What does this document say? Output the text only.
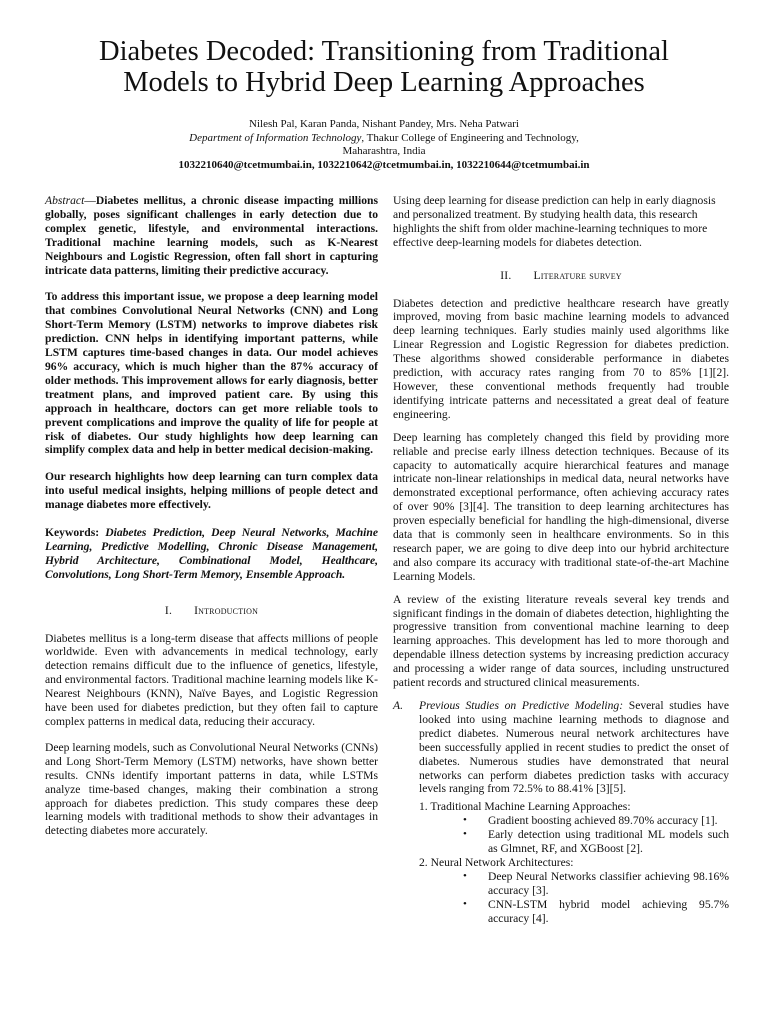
Diabetes Decoded: Transitioning from Traditional
Models to Hybrid Deep Learning Approaches
Nilesh Pal, Karan Panda, Nishant Pandey, Mrs. Neha Patwari
Department of Information Technology, Thakur College of Engineering and Technology,
Maharashtra, India
1032210640@tcetmumbai.in, 1032210642@tcetmumbai.in, 1032210644@tcetmumbai.in

Abstract—Diabetes mellitus, a chronic disease impacting millions globally, poses significant challenges in early detection due to complex genetic, lifestyle, and environmental interactions. Traditional machine learning models, such as K-Nearest Neighbours and Logistic Regression, often fall short in capturing intricate data patterns, limiting their predictive accuracy.

To address this important issue, we propose a deep learning model that combines Convolutional Neural Networks (CNN) and Long Short-Term Memory (LSTM) networks to improve diabetes risk prediction. CNN helps in identifying important patterns, while LSTM captures time-based changes in data. Our model achieves 96% accuracy, which is much higher than the 87% accuracy of older methods. This improvement allows for early diagnosis, better treatment plans, and improved patient care. By using this approach in healthcare, doctors can get more reliable tools to prevent complications and improve the quality of life for people at risk of diabetes. Our study highlights how deep learning can simplify complex data and help in better medical decision-making.

Our research highlights how deep learning can turn complex data into useful medical insights, helping millions of people detect and manage diabetes more effectively.

Keywords: Diabetes Prediction, Deep Neural Networks, Machine Learning, Predictive Modelling, Chronic Disease Management, Hybrid Architecture, Combinational Model, Healthcare, Convolutions, Long Short-Term Memory, Ensemble Approach.

I. Introduction

Diabetes mellitus is a long-term disease that affects millions of people worldwide. Even with advancements in medical technology, early detection remains difficult due to the influence of genetics, lifestyle, and environmental factors. Traditional machine learning models like K-Nearest Neighbours (KNN), Naïve Bayes, and Logistic Regression have been used for diabetes prediction, but they often fail to capture complex patterns in medical data, reducing their accuracy.

Deep learning models, such as Convolutional Neural Networks (CNNs) and Long Short-Term Memory (LSTM) networks, have shown better results. CNNs identify important patterns in data, while LSTMs analyze time-based changes, making their combination a strong approach for diabetes prediction. This study compares these deep learning models with traditional methods to show their advantages in detecting diabetes more accurately.

Using deep learning for disease prediction can help in early diagnosis and personalized treatment. By studying health data, this research highlights the shift from older machine-learning techniques to more effective deep-learning models for diabetes detection.

II. Literature survey

Diabetes detection and predictive healthcare research have greatly improved, moving from basic machine learning models to advanced deep learning techniques. Early studies mainly used algorithms like Linear Regression and Logistic Regression for diabetes prediction. These algorithms showed considerable performance in diabetes prediction, with accuracy rates ranging from 70 to 85% [1][2]. However, these conventional methods frequently had trouble identifying intricate patterns and necessitated a great deal of feature engineering.

Deep learning has completely changed this field by providing more reliable and precise early illness detection techniques. Because of its capacity to automatically acquire hierarchical features and manage intricate non-linear relationships in medical data, neural networks have demonstrated exceptional performance, often achieving accuracy rates of over 90% [3][4]. The transition to deep learning architectures has proven especially beneficial for handling the high-dimensional, diverse data that is commonly seen in healthcare environments. So in this research paper, we are going to dive deep into our hybrid architecture and also compare its accuracy with traditional state-of-the-art Machine Learning Models.

A review of the existing literature reveals several key trends and significant findings in the domain of diabetes detection, highlighting the progressive transition from conventional machine learning to deep learning approaches. This development has led to more thorough and dependable illness detection systems by increasing prediction accuracy and processing a wider range of data sources, including unstructured patient records and structured clinical measurements.

A.	Previous Studies on Predictive Modeling: Several studies have looked into using machine learning methods to diagnose and predict diabetes. Numerous neural network architectures have been successfully applied in recent studies to predict the onset of diabetes. Numerous studies have demonstrated that neural networks can perform diabetes prediction tasks with accuracy levels ranging from 72.5% to 88.41% [3][5].
1. Traditional Machine Learning Approaches:
• Gradient boosting achieved 89.70% accuracy [1].
• Early detection using traditional ML models such as Glmnet, RF, and XGBoost [2].
2. Neural Network Architectures:
• Deep Neural Networks classifier achieving 98.16% accuracy [3].
• CNN-LSTM hybrid model achieving 95.7% accuracy [4].
